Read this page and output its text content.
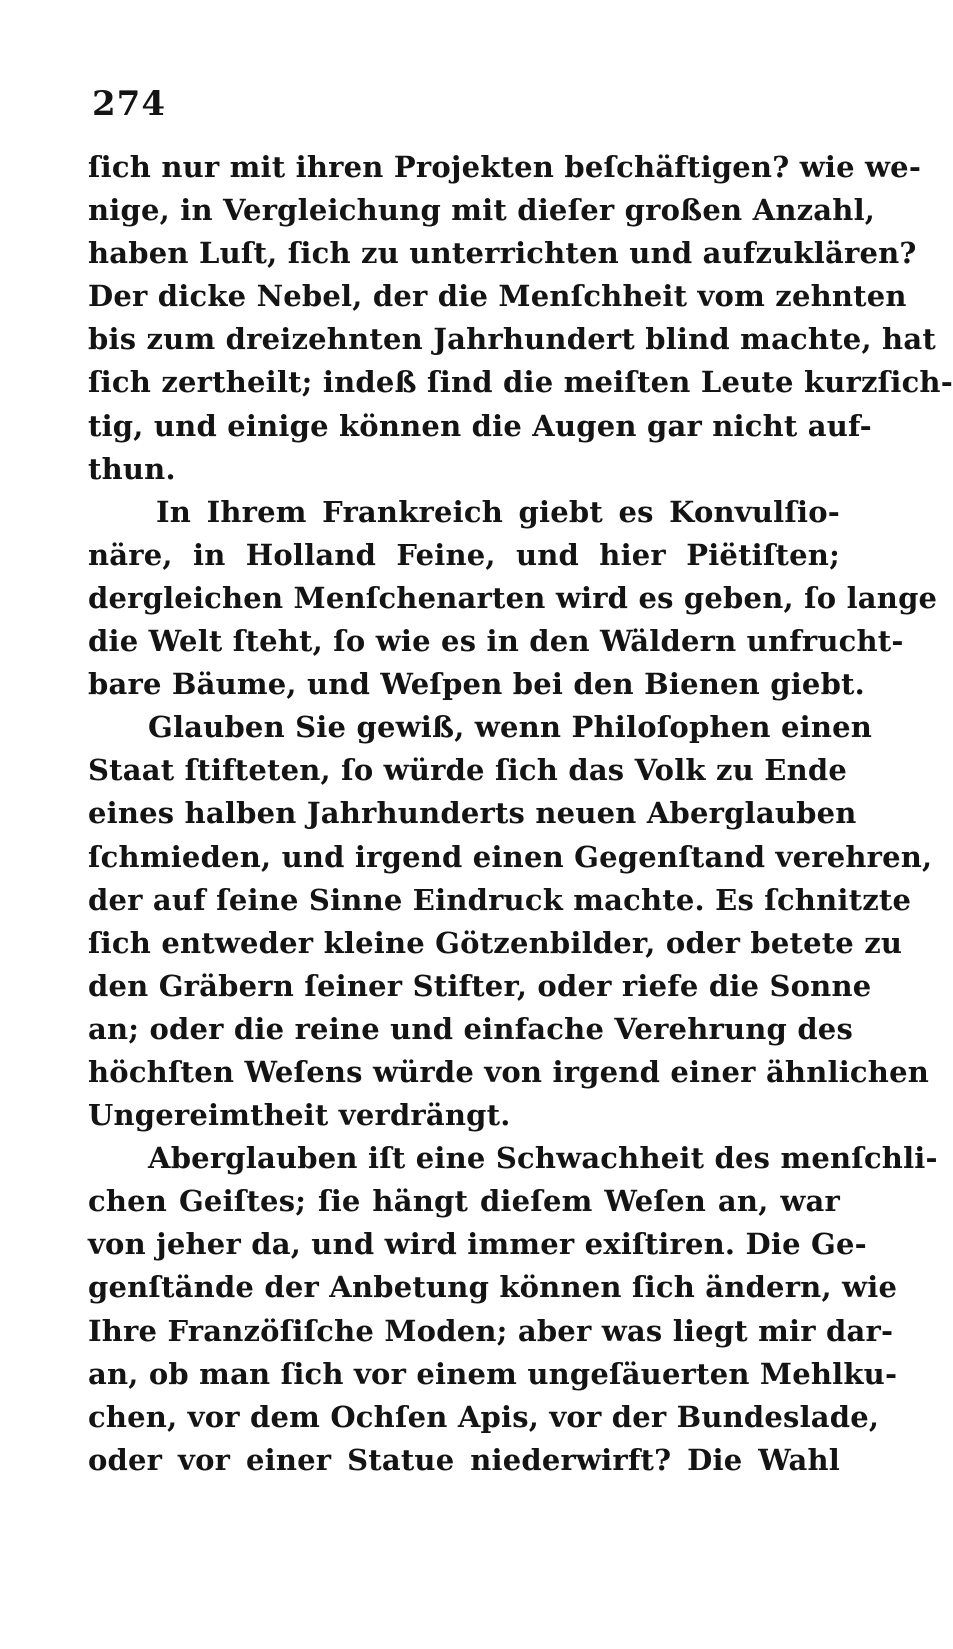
274
ſich nur mit ihren Projekten beſchäftigen? wie we-
nige, in Vergleichung mit dieſer großen Anzahl,
haben Luſt, ſich zu unterrichten und aufzuklären?
Der dicke Nebel, der die Menſchheit vom zehnten
bis zum dreizehnten Jahrhundert blind machte, hat
ſich zertheilt; indeß ſind die meiſten Leute kurzſich-
tig, und einige können die Augen gar nicht auf-
thun.
In Ihrem Frankreich giebt es Konvulſio-
näre, in Holland Feine, und hier Piëtiſten;
dergleichen Menſchenarten wird es geben, ſo lange
die Welt ſteht, ſo wie es in den Wäldern unfrucht-
bare Bäume, und Weſpen bei den Bienen giebt.
Glauben Sie gewiß, wenn Philoſophen einen
Staat ſtifteten, ſo würde ſich das Volk zu Ende
eines halben Jahrhunderts neuen Aberglauben
ſchmieden, und irgend einen Gegenſtand verehren,
der auf ſeine Sinne Eindruck machte. Es ſchnitzte
ſich entweder kleine Götzenbilder, oder betete zu
den Gräbern ſeiner Stifter, oder riefe die Sonne
an; oder die reine und einfache Verehrung des
höchſten Weſens würde von irgend einer ähnlichen
Ungereimtheit verdrängt.
Aberglauben iſt eine Schwachheit des menſchli-
chen Geiſtes; ſie hängt dieſem Weſen an, war
von jeher da, und wird immer exiſtiren. Die Ge-
genſtände der Anbetung können ſich ändern, wie
Ihre Franzöſiſche Moden; aber was liegt mir dar-
an, ob man ſich vor einem ungeſäuerten Mehlku-
chen, vor dem Ochſen Apis, vor der Bundeslade,
oder vor einer Statue niederwirft? Die Wahl
